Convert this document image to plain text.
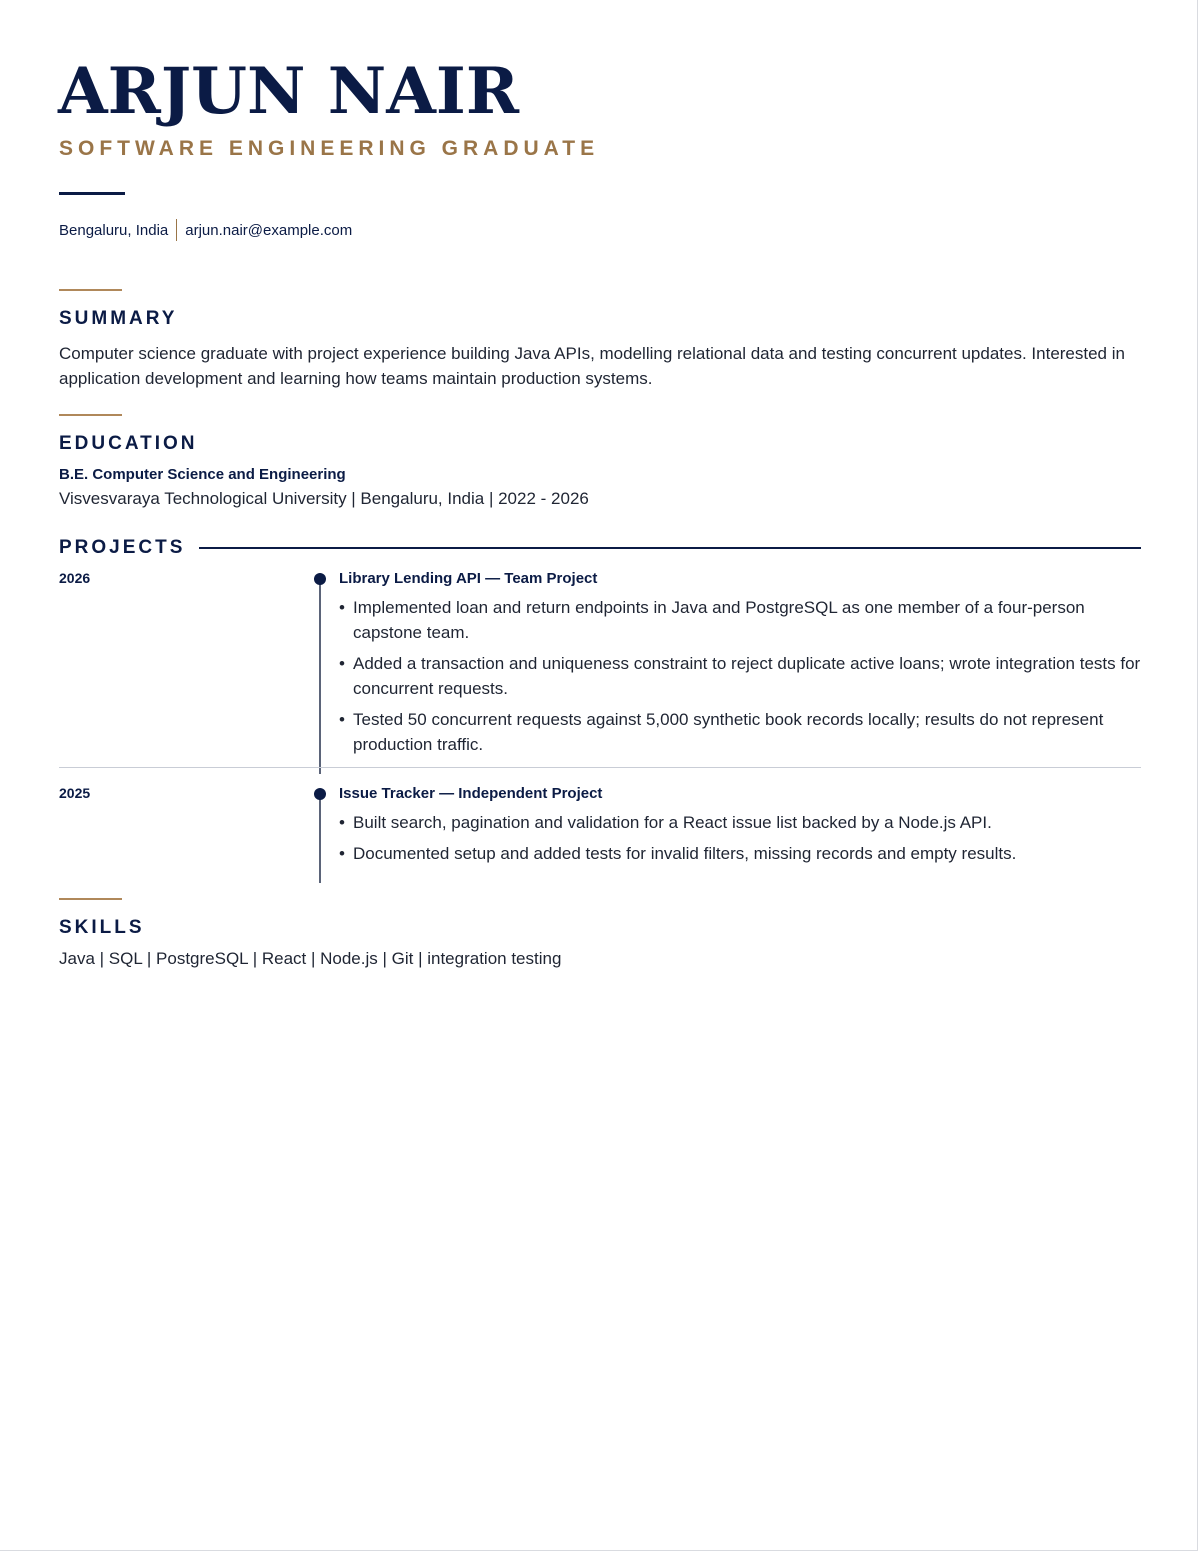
ARJUN NAIR
SOFTWARE ENGINEERING GRADUATE
Bengaluru, India arjun.nair@example.com
SUMMARY
Computer science graduate with project experience building Java APIs, modelling relational data and testing concurrent updates. Interested in application development and learning how teams maintain production systems.
EDUCATION
B.E. Computer Science and Engineering
Visvesvaraya Technological University | Bengaluru, India | 2022 - 2026
PROJECTS
2026	Library Lending API — Team Project
• Implemented loan and return endpoints in Java and PostgreSQL as one member of a four-person capstone team.
• Added a transaction and uniqueness constraint to reject duplicate active loans; wrote integration tests for concurrent requests.
• Tested 50 concurrent requests against 5,000 synthetic book records locally; results do not represent production traffic.
2025	Issue Tracker — Independent Project
• Built search, pagination and validation for a React issue list backed by a Node.js API.
• Documented setup and added tests for invalid filters, missing records and empty results.
SKILLS
Java | SQL | PostgreSQL | React | Node.js | Git | integration testing
